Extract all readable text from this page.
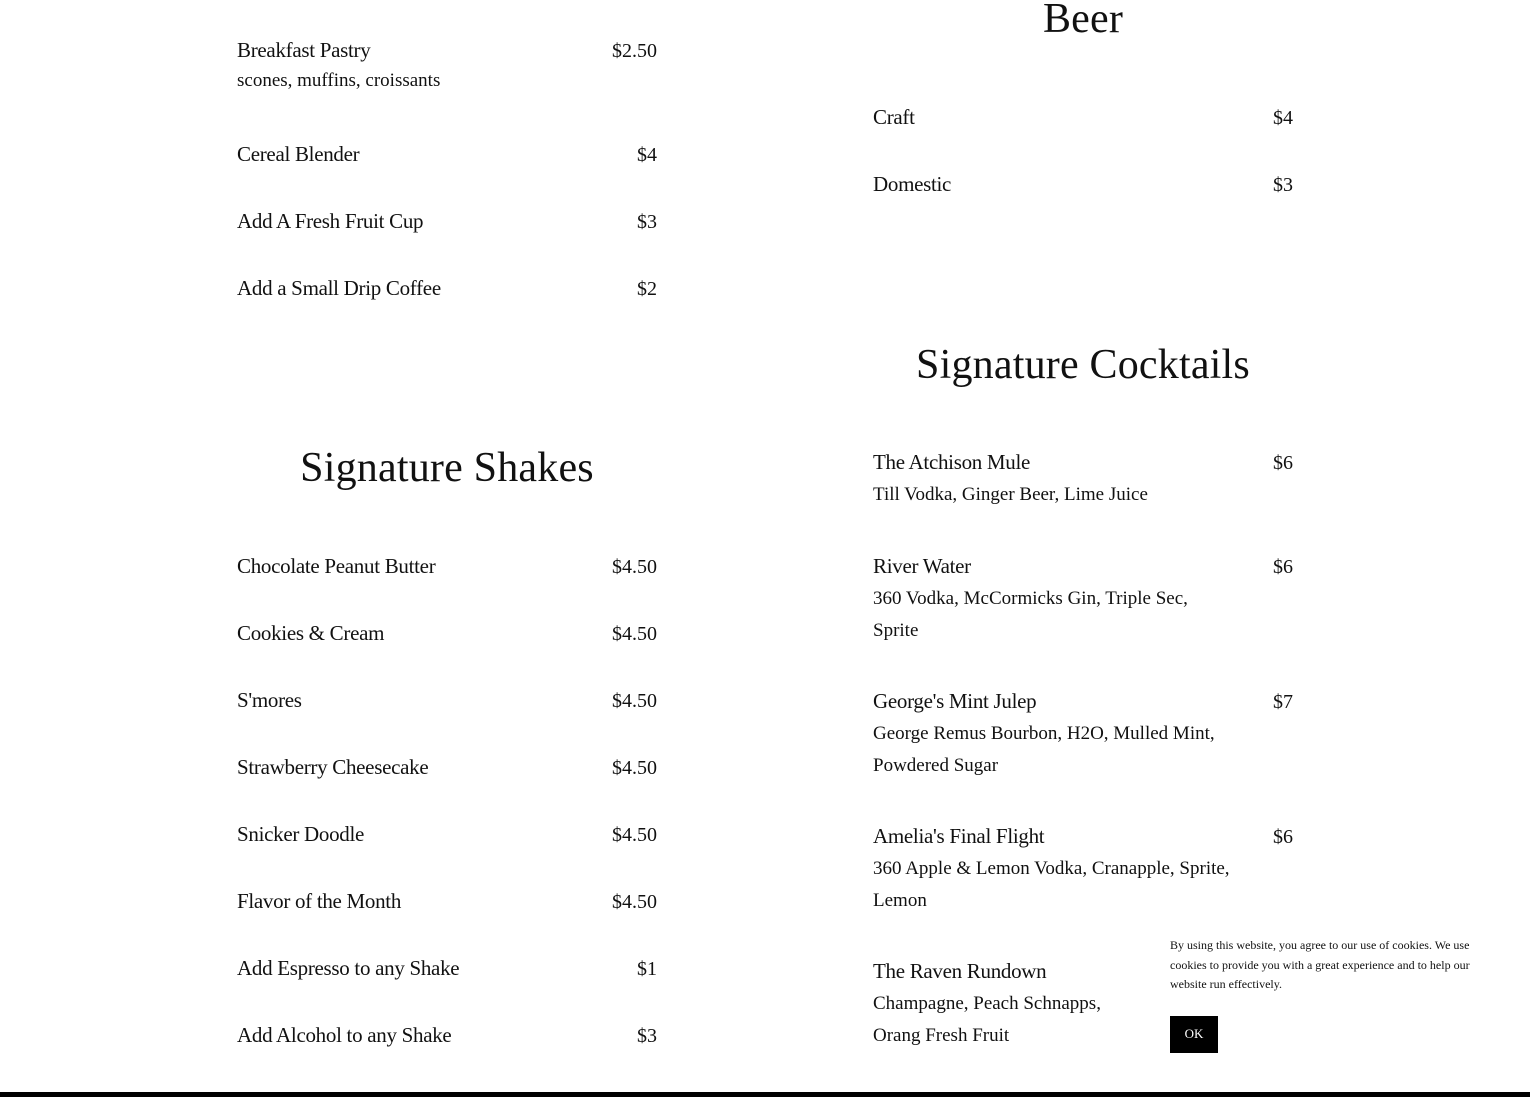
Breakfast Pastry	$2.50
scones, muffins, croissants
Cereal Blender	$4
Add A Fresh Fruit Cup	$3
Add a Small Drip Coffee	$2
Signature Shakes
Chocolate Peanut Butter	$4.50
Cookies & Cream	$4.50
S'mores	$4.50
Strawberry Cheesecake	$4.50
Snicker Doodle	$4.50
Flavor of the Month	$4.50
Add Espresso to any Shake	$1
Add Alcohol to any Shake	$3
Beer
Craft	$4
Domestic	$3
Signature Cocktails
The Atchison Mule	$6
Till Vodka, Ginger Beer, Lime Juice
River Water	$6
360 Vodka, McCormicks Gin, Triple Sec, Sprite
George's Mint Julep	$7
George Remus Bourbon, H2O, Mulled Mint, Powdered Sugar
Amelia's Final Flight	$6
360 Apple & Lemon Vodka, Cranapple, Sprite, Lemon
The Raven Rundown
Champagne, Peach Schnapps, Orang Fresh Fruit
By using this website, you agree to our use of cookies. We use cookies to provide you with a great experience and to help our website run effectively.
OK
